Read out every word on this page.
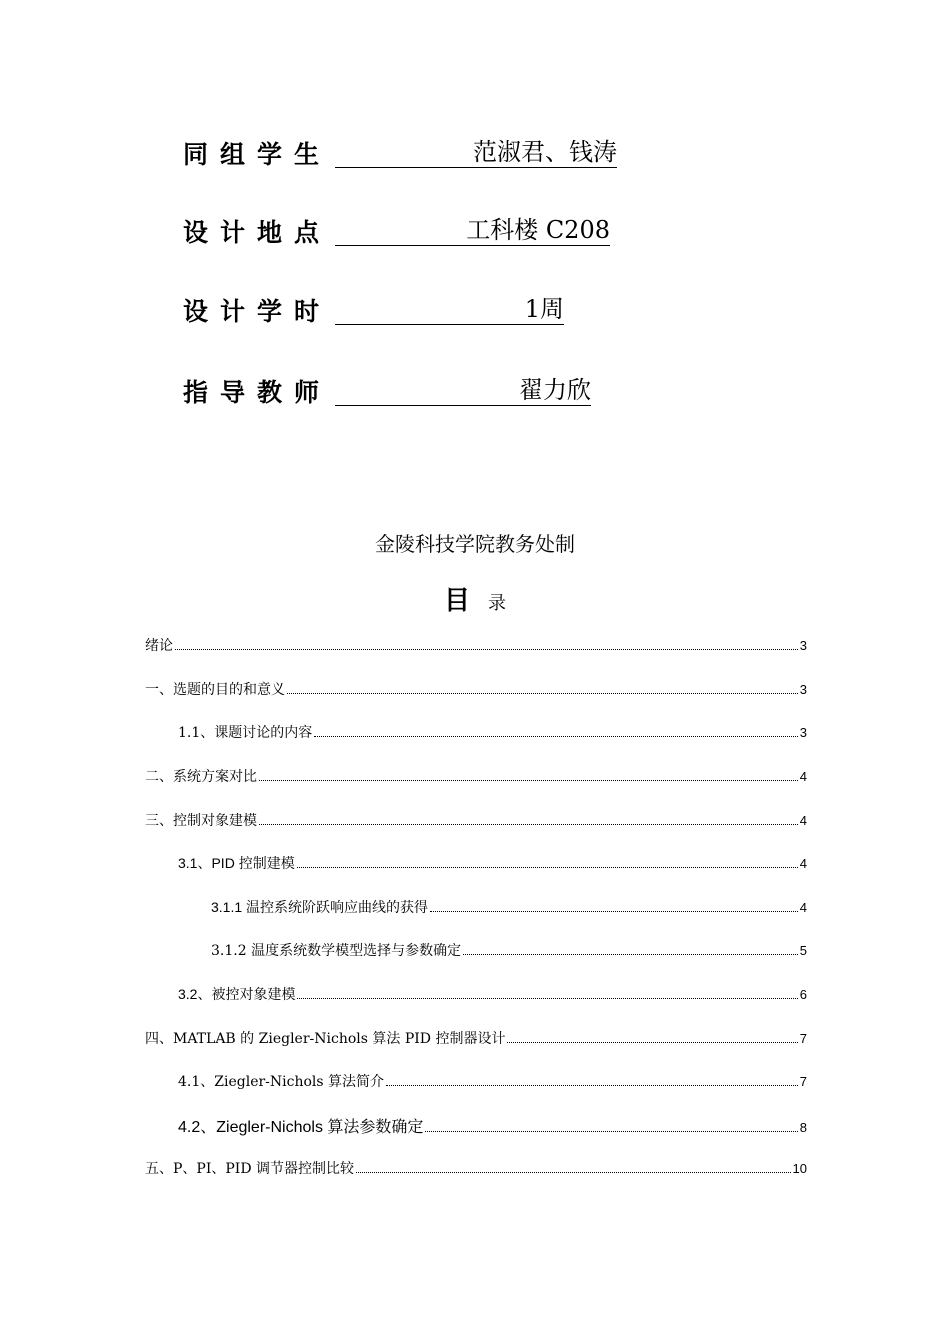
同组学生	范淑君、钱涛
设计地点	工科楼 C208
设计学时	1周
指导教师	翟力欣
金陵科技学院教务处制
目 录
绪论	3
一、选题的目的和意义	3
1.1、课题讨论的内容	3
二、系统方案对比	4
三、控制对象建模	4
3.1、PID 控制建模	4
3.1.1 温控系统阶跃响应曲线的获得	4
3.1.2 温度系统数学模型选择与参数确定	5
3.2、被控对象建模	6
四、MATLAB 的 Ziegler-Nichols 算法 PID 控制器设计	7
4.1、Ziegler-Nichols 算法简介	7
4.2、Ziegler-Nichols 算法参数确定	8
五、P、PI、PID 调节器控制比较	10
